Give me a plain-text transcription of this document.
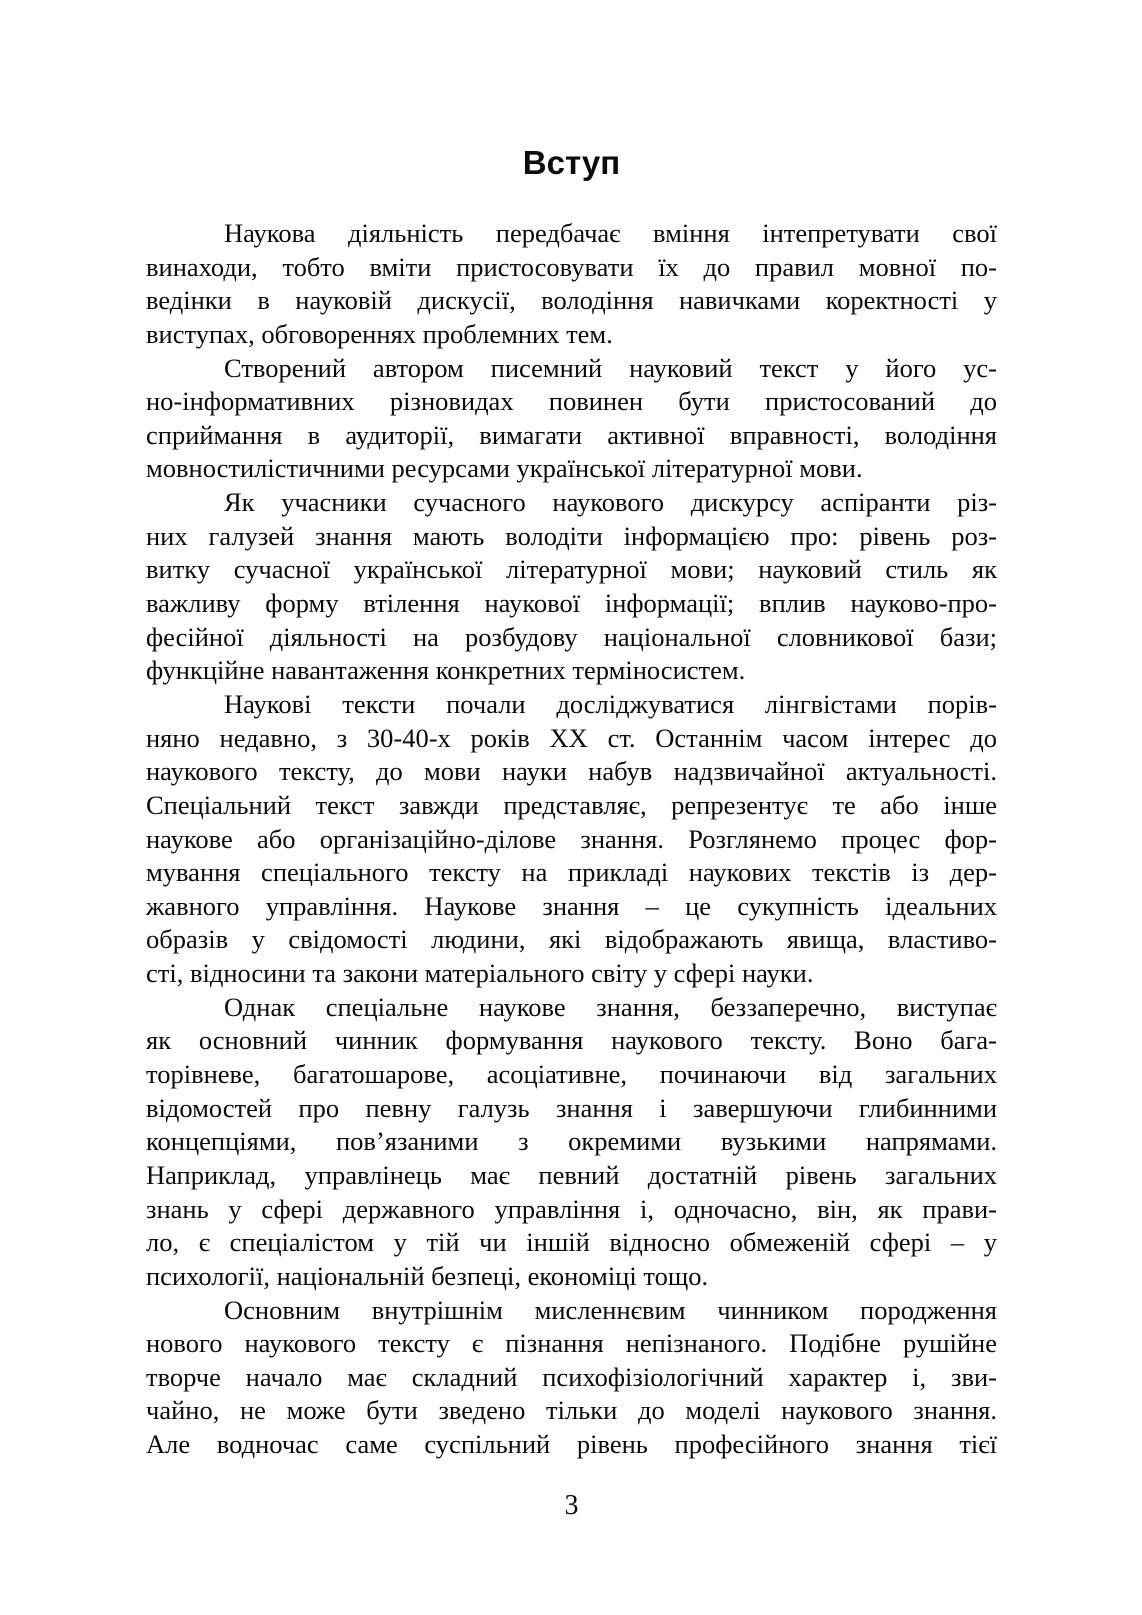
Вступ
Наукова діяльність передбачає вміння інтепретувати свої
винаходи, тобто вміти пристосовувати їх до правил мовної по-
ведінки в науковій дискусії, володіння навичками коректності у
виступах, обговореннях проблемних тем.
Створений автором писемний науковий текст у його ус-
но-інформативних різновидах повинен бути пристосований до
сприймання в аудиторії, вимагати активної вправності, володіння
мовностилістичними ресурсами української літературної мови.
Як учасники сучасного наукового дискурсу аспіранти різ-
них галузей знання мають володіти інформацією про: рівень роз-
витку сучасної української літературної мови; науковий стиль як
важливу форму втілення наукової інформації; вплив науково-про-
фесійної діяльності на розбудову національної словникової бази;
функційне навантаження конкретних терміносистем.
Наукові тексти почали досліджуватися лінгвістами порів-
няно недавно, з 30-40-х років ХХ ст. Останнім часом інтерес до
наукового тексту, до мови науки набув надзвичайної актуальності.
Спеціальний текст завжди представляє, репрезентує те або інше
наукове або організаційно-ділове знання. Розглянемо процес фор-
мування спеціального тексту на прикладі наукових текстів із дер-
жавного управління. Наукове знання – це сукупність ідеальних
образів у свідомості людини, які відображають явища, властиво-
сті, відносини та закони матеріального світу у сфері науки.
Однак спеціальне наукове знання, беззаперечно, виступає
як основний чинник формування наукового тексту. Воно бага-
торівневе, багатошарове, асоціативне, починаючи від загальних
відомостей про певну галузь знання і завершуючи глибинними
концепціями, пов’язаними з окремими вузькими напрямами.
Наприклад, управлінець має певний достатній рівень загальних
знань у сфері державного управління і, одночасно, він, як прави-
ло, є спеціалістом у тій чи іншій відносно обмеженій сфері – у
психології, національній безпеці, економіці тощо.
Основним внутрішнім мисленнєвим чинником породження
нового наукового тексту є пізнання непізнаного. Подібне рушійне
творче начало має складний психофізіологічний характер і, зви-
чайно, не може бути зведено тільки до моделі наукового знання.
Але водночас саме суспільний рівень професійного знання тієї
3
